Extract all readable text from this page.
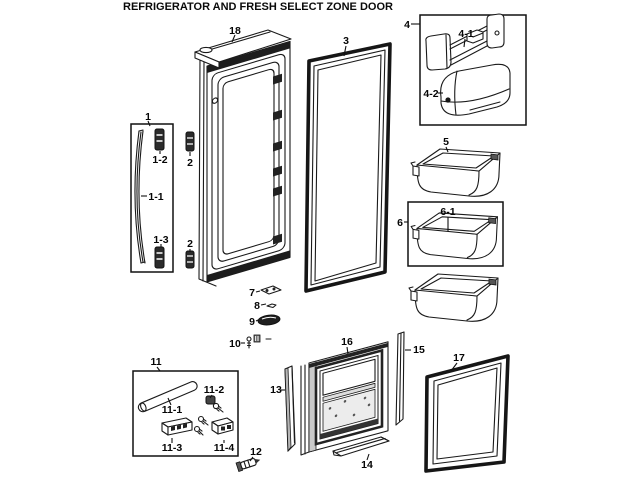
REFRIGERATOR AND FRESH SELECT ZONE DOOR
1
1-1
1-2
1-3
2
2
3
4
4-1
4-2
5
6
6-1
7
8
9
10
11
11-1
11-2
11-3	11-4 12
13
14
15
16
17
18
